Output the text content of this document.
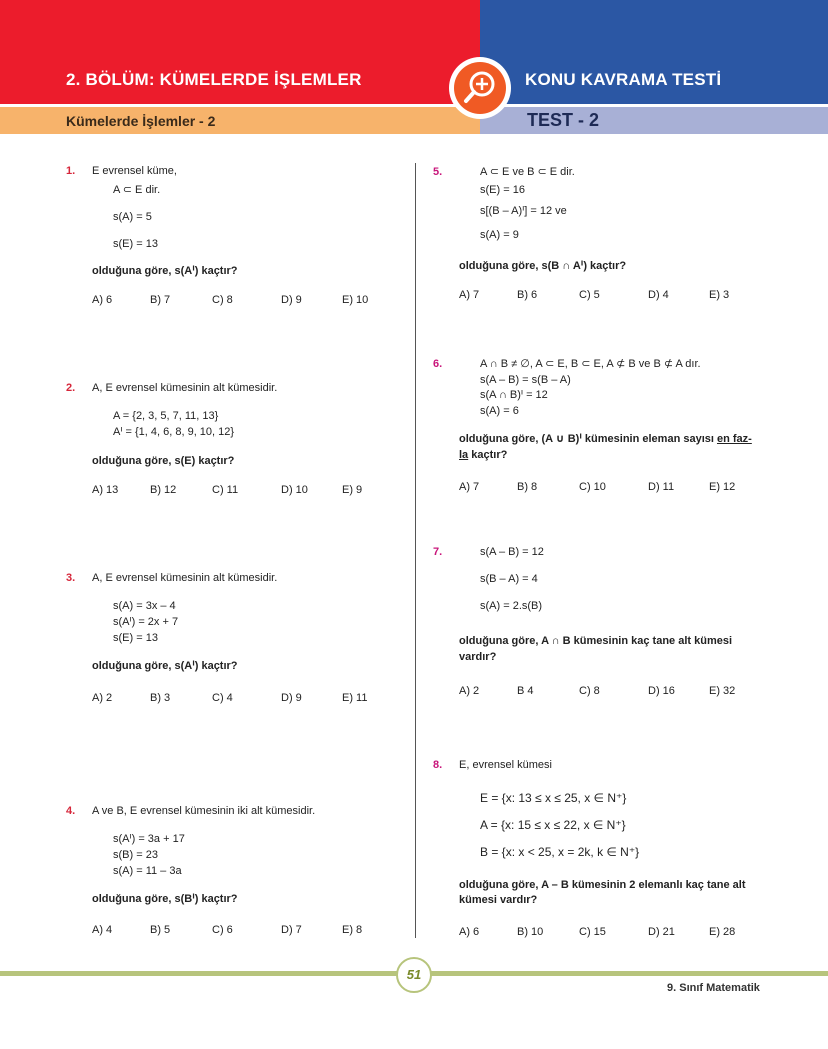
2. BÖLÜM: KÜMELERDE İŞLEMLER	KONU KAVRAMA TESTİ
Kümelerde İşlemler - 2	TEST - 2
1. E evrensel küme,
A ⊂ E dir.
s(A) = 5
s(E) = 13
olduğuna göre, s(Aᑊ) kaçtır?
A) 6	B) 7	C) 8	D) 9	E) 10
2. A, E evrensel kümesinin alt kümesidir.
A = {2, 3, 5, 7, 11, 13}
Aᑊ = {1, 4, 6, 8, 9, 10, 12}
olduğuna göre, s(E) kaçtır?
A) 13	B) 12	C) 11	D) 10	E) 9
3. A, E evrensel kümesinin alt kümesidir.
s(A) = 3x – 4
s(Aᑊ) = 2x + 7
s(E) = 13
olduğuna göre, s(Aᑊ) kaçtır?
A) 2	B) 3	C) 4	D) 9	E) 11
4. A ve B, E evrensel kümesinin iki alt kümesidir.
s(Aᑊ) = 3a + 17
s(B) = 23
s(A) = 11 – 3a
olduğuna göre, s(Bᑊ) kaçtır?
A) 4	B) 5	C) 6	D) 7	E) 8
5.	A ⊂ E ve B ⊂ E dir.
s(E) = 16
s[(B – A)ᑊ] = 12 ve
s(A) = 9
olduğuna göre, s(B ∩ Aᑊ) kaçtır?
A) 7	B) 6	C) 5	D) 4	E) 3
6.	A ∩ B ≠ ∅, A ⊂ E, B ⊂ E, A ⊄ B ve B ⊄ A dır.
s(A – B) = s(B – A)
s(A ∩ B)ᑊ = 12
s(A) = 6
olduğuna göre, (A ∪ B)ᑊ kümesinin eleman sayısı en faz-
la kaçtır?
A) 7	B) 8	C) 10	D) 11	E) 12
7.	s(A – B) = 12
s(B – A) = 4
s(A) = 2.s(B)
olduğuna göre, A ∩ B kümesinin kaç tane alt kümesi
vardır?
A) 2	B 4	C) 8	D) 16	E) 32
8. E, evrensel kümesi
E = {x: 13 ≤ x ≤ 25, x ∈ N⁺}
A = {x: 15 ≤ x ≤ 22, x ∈ N⁺}
B = {x: x < 25, x = 2k, k ∈ N⁺}
olduğuna göre, A – B kümesinin 2 elemanlı kaç tane alt
kümesi vardır?
A) 6	B) 10	C) 15	D) 21	E) 28
51
9. Sınıf Matematik
